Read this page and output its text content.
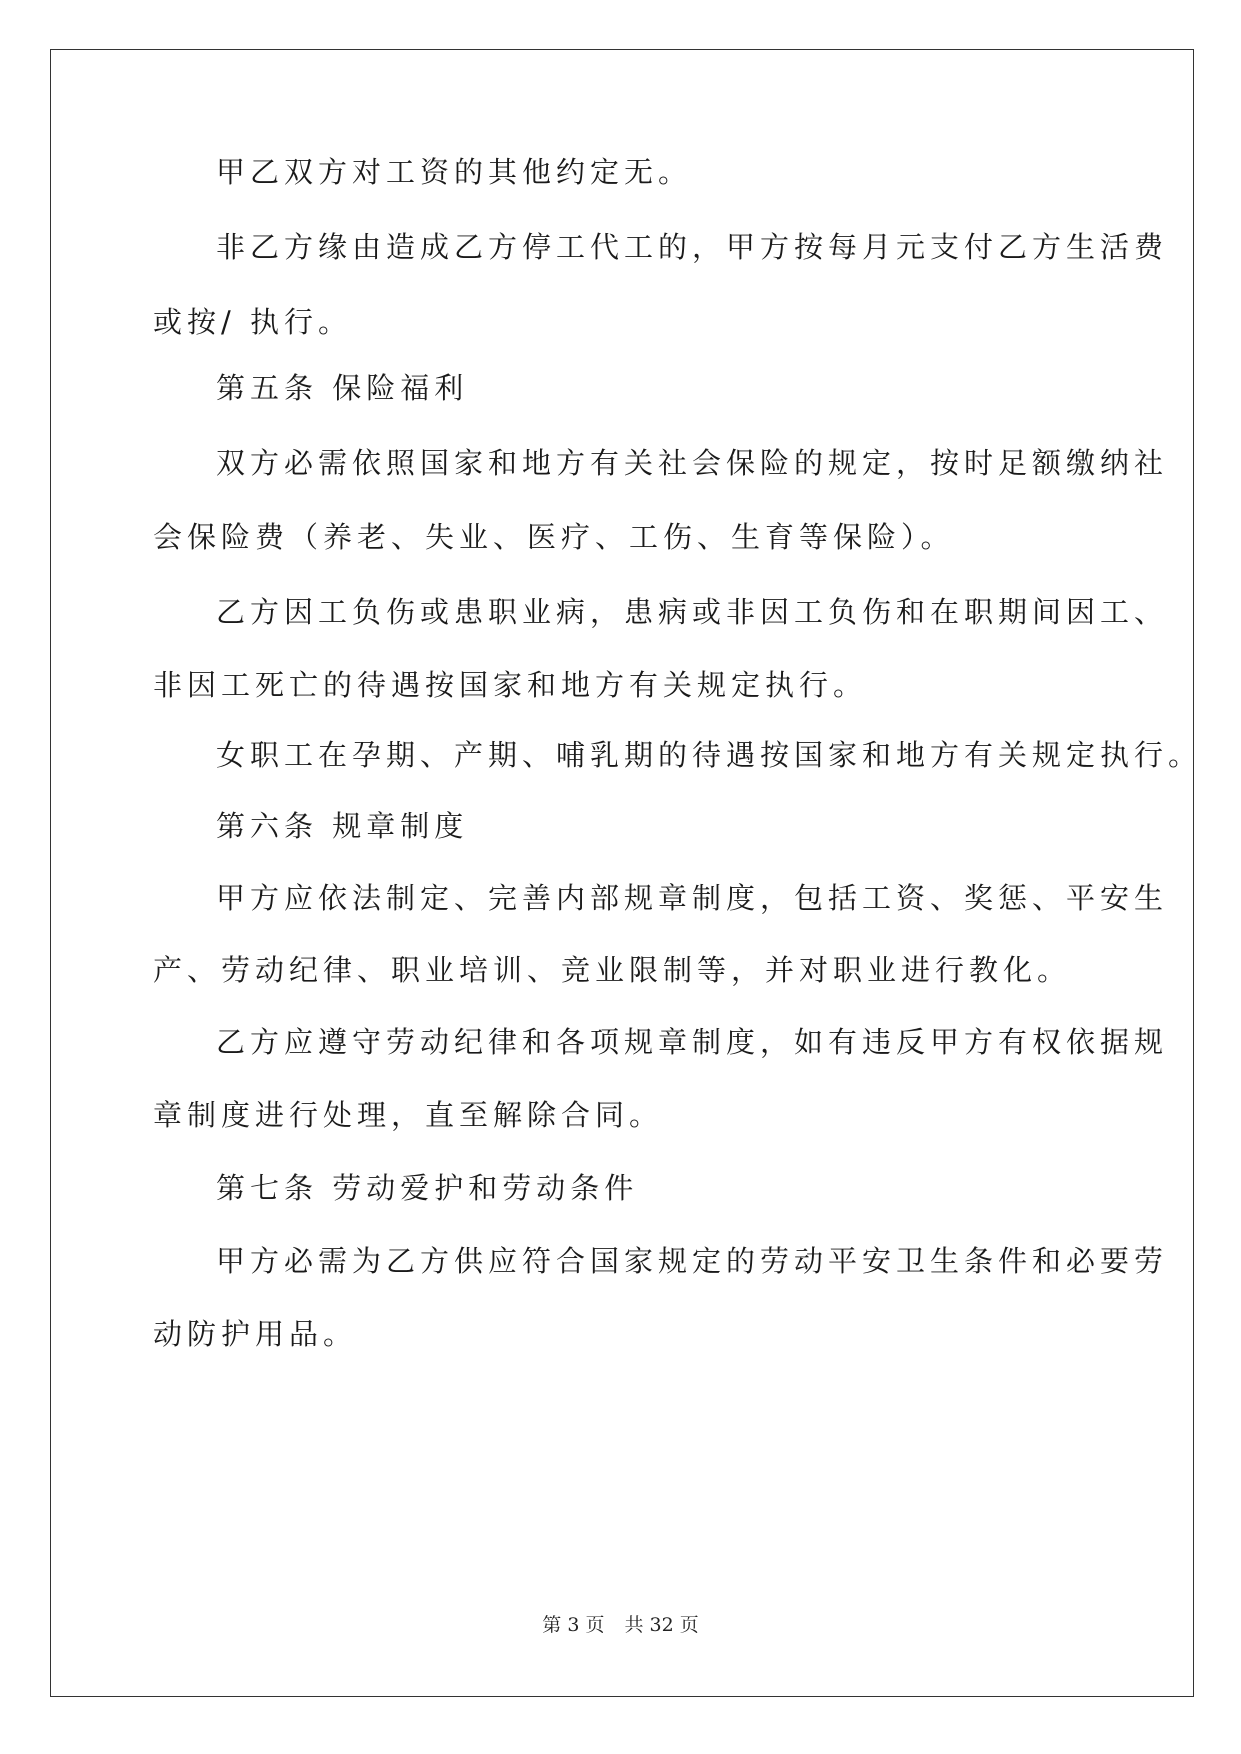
甲乙双方对工资的其他约定无。
非乙方缘由造成乙方停工代工的，甲方按每月元支付乙方生活费
或按/ 执行。
第五条 保险福利
双方必需依照国家和地方有关社会保险的规定，按时足额缴纳社
会保险费（养老、失业、医疗、工伤、生育等保险）。
乙方因工负伤或患职业病，患病或非因工负伤和在职期间因工、
非因工死亡的待遇按国家和地方有关规定执行。
女职工在孕期、产期、哺乳期的待遇按国家和地方有关规定执行。
第六条 规章制度
甲方应依法制定、完善内部规章制度，包括工资、奖惩、平安生
产、劳动纪律、职业培训、竞业限制等，并对职业进行教化。
乙方应遵守劳动纪律和各项规章制度，如有违反甲方有权依据规
章制度进行处理，直至解除合同。
第七条 劳动爱护和劳动条件
甲方必需为乙方供应符合国家规定的劳动平安卫生条件和必要劳
动防护用品。
第 3 页 共 32 页
